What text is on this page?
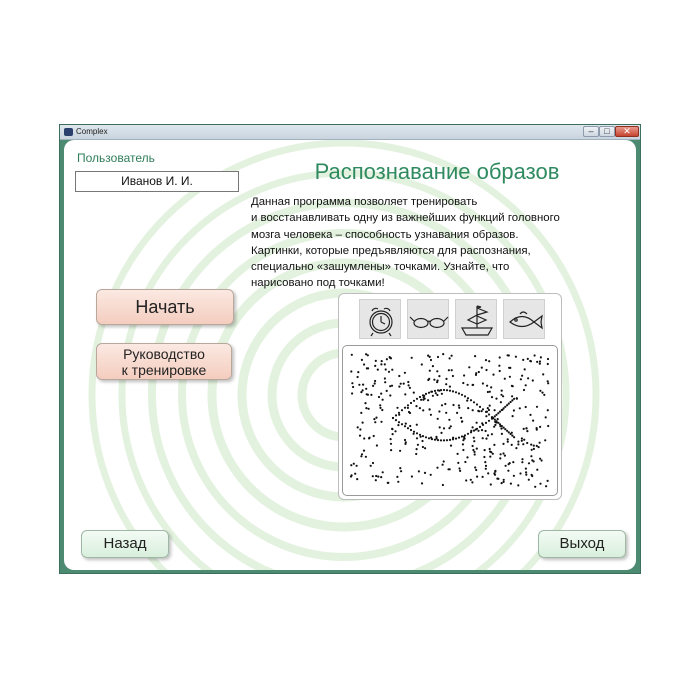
Complex	–	□	✕
Пользователь
Иванов И. И.	Распознавание образов
Данная программа позволяет тренировать
и восстанавливать одну из важнейших функций головного
мозга человека – способность узнавания образов.
Картинки, которые предъявляются для распознания,
специально «зашумлены» точками. Узнайте, что
нарисовано под точками!
Начать
Руководство
к тренировке
Назад	Выход
